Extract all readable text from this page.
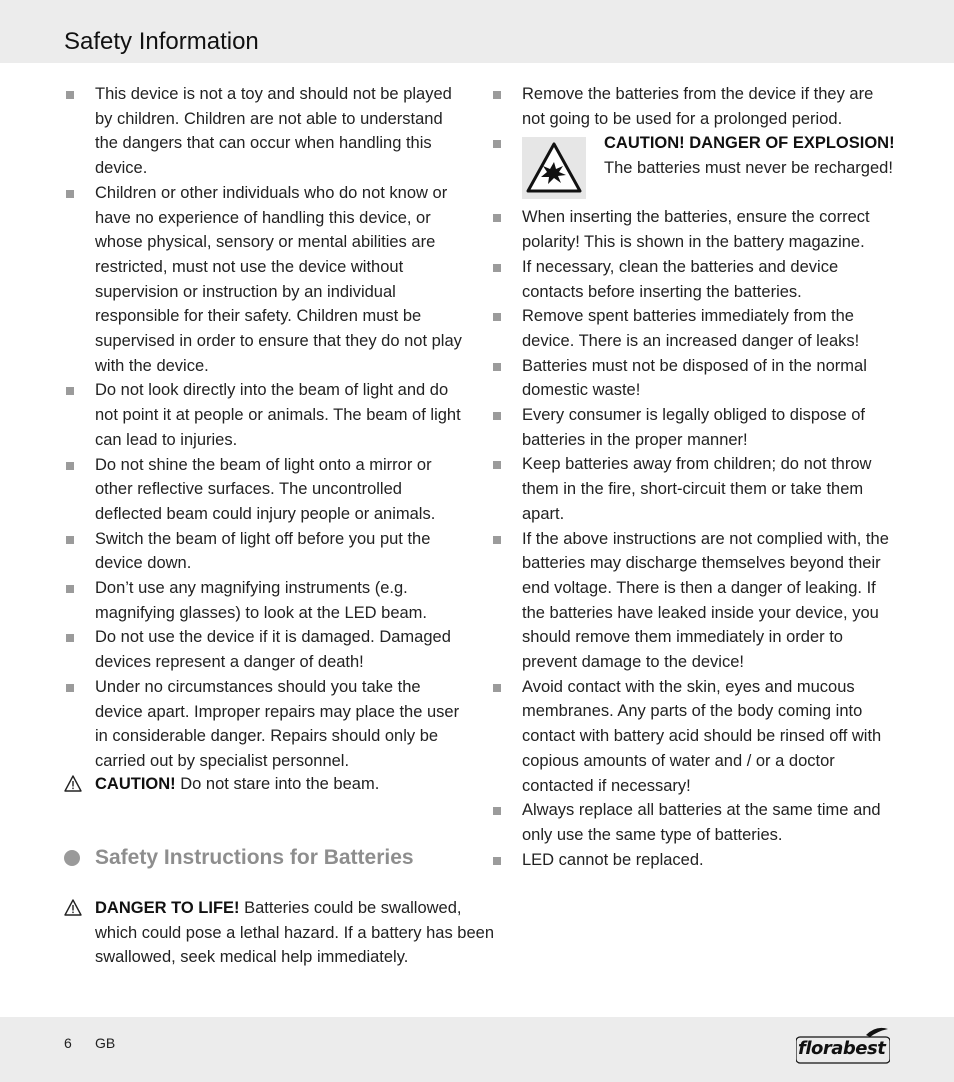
Safety Information
This device is not a toy and should not be played by children. Children are not able to understand the dangers that can occur when handling this device.
Children or other individuals who do not know or have no experience of handling this device, or whose physical, sensory or mental abilities are restricted, must not use the device without supervision or instruction by an individual responsible for their safety. Children must be supervised in order to ensure that they do not play with the device.
Do not look directly into the beam of light and do not point it at people or animals. The beam of light can lead to injuries.
Do not shine the beam of light onto a mirror or other reflective surfaces. The uncontrolled deflected beam could injury people or animals.
Switch the beam of light off before you put the device down.
Don’t use any magnifying instruments (e.g. magnifying glasses) to look at the LED beam.
Do not use the device if it is damaged. Damaged devices represent a danger of death!
Under no circumstances should you take the device apart. Improper repairs may place the user in considerable danger. Repairs should only be carried out by specialist personnel.
CAUTION! Do not stare into the beam.
Safety Instructions for Batteries
DANGER TO LIFE! Batteries could be swallowed, which could pose a lethal hazard. If a battery has been swallowed, seek medical help immediately.
Remove the batteries from the device if they are not going to be used for a prolonged period.
CAUTION! DANGER OF EXPLOSION! The batteries must never be recharged!
When inserting the batteries, ensure the correct polarity! This is shown in the battery magazine.
If necessary, clean the batteries and device contacts before inserting the batteries.
Remove spent batteries immediately from the device. There is an increased danger of leaks!
Batteries must not be disposed of in the normal domestic waste!
Every consumer is legally obliged to dispose of batteries in the proper manner!
Keep batteries away from children; do not throw them in the fire, short-circuit them or take them apart.
If the above instructions are not complied with, the batteries may discharge themselves beyond their end voltage. There is then a danger of leaking. If the batteries have leaked inside your device, you should remove them immediately in order to prevent damage to the device!
Avoid contact with the skin, eyes and mucous membranes. Any parts of the body coming into contact with battery acid should be rinsed off with copious amounts of water and / or a doctor contacted if necessary!
Always replace all batteries at the same time and only use the same type of batteries.
LED cannot be replaced.
6 GB	florabest
